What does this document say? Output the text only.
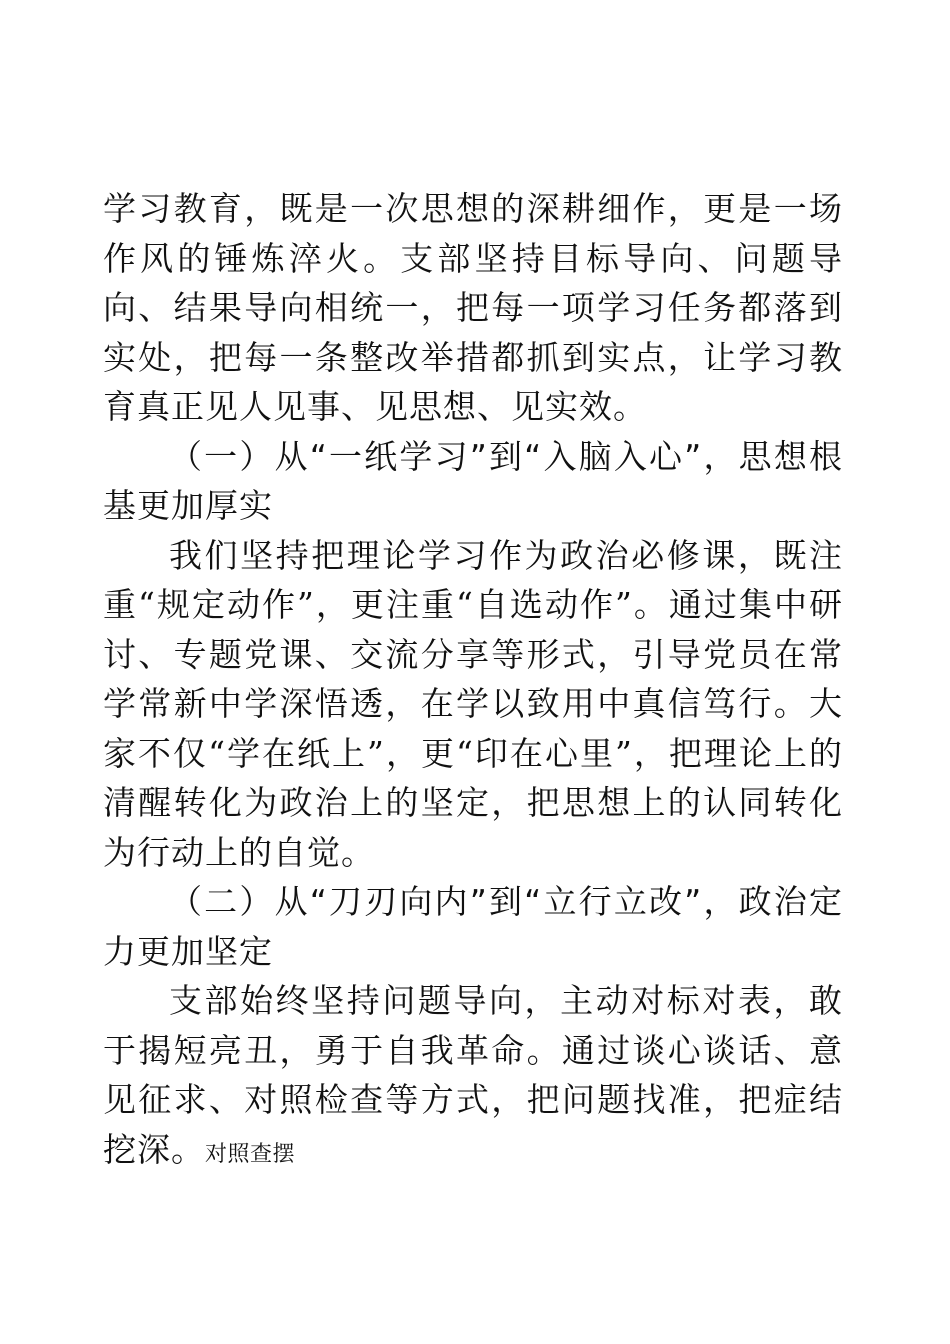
学习教育，既是一次思想的深耕细作，更是一场作风的锤炼淬火。支部坚持目标导向、问题导向、结果导向相统一，把每一项学习任务都落到实处，把每一条整改举措都抓到实点，让学习教育真正见人见事、见思想、见实效。

（一）从“一纸学习”到“入脑入心”，思想根基更加厚实

我们坚持把理论学习作为政治必修课，既注重“规定动作”，更注重“自选动作”。通过集中研讨、专题党课、交流分享等形式，引导党员在常学常新中学深悟透，在学以致用中真信笃行。大家不仅“学在纸上”，更“印在心里”，把理论上的清醒转化为政治上的坚定，把思想上的认同转化为行动上的自觉。

（二）从“刀刃向内”到“立行立改”，政治定力更加坚定

支部始终坚持问题导向，主动对标对表，敢于揭短亮丑，勇于自我革命。通过谈心谈话、意见征求、对照检查等方式，把问题找准，把症结挖深。对照查摆
